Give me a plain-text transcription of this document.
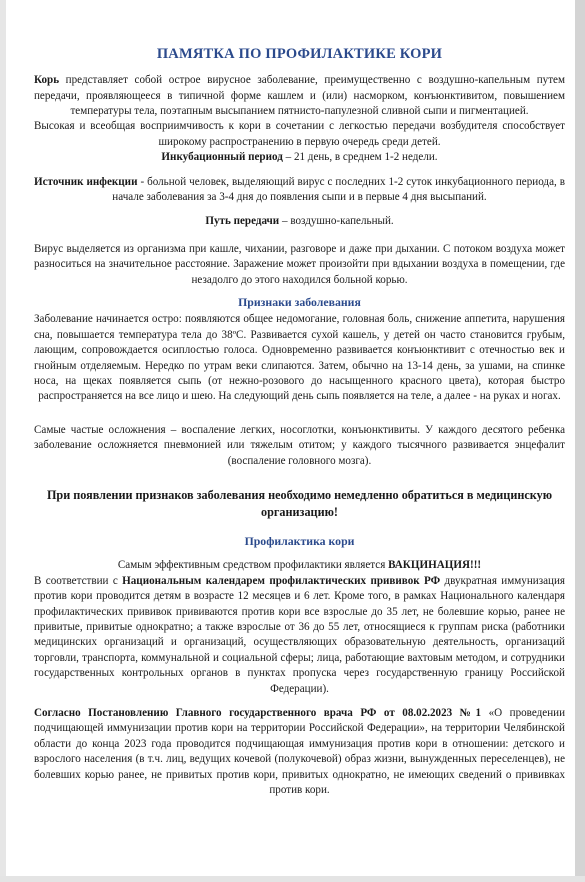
ПАМЯТКА ПО ПРОФИЛАКТИКЕ КОРИ

Корь представляет собой острое вирусное заболевание, преимущественно с воздушно-капельным путем передачи, проявляющееся в типичной форме кашлем и (или) насморком, конъюнктивитом, повышением температуры тела, поэтапным высыпанием пятнисто-папулезной сливной сыпи и пигментацией.

Высокая и всеобщая восприимчивость к кори в сочетании с легкостью передачи возбудителя способствует широкому распространению в первую очередь среди детей.

Инкубационный период – 21 день, в среднем 1-2 недели.

Источник инфекции - больной человек, выделяющий вирус с последних 1-2 суток инкубационного периода, в начале заболевания за 3-4 дня до появления сыпи и в первые 4 дня высыпаний.

Путь передачи – воздушно-капельный.

Вирус выделяется из организма при кашле, чихании, разговоре и даже при дыхании. С потоком воздуха может разноситься на значительное расстояние. Заражение может произойти при вдыхании воздуха в помещении, где незадолго до этого находился больной корью.

Признаки заболевания

Заболевание начинается остро: появляются общее недомогание, головная боль, снижение аппетита, нарушения сна, повышается температура тела до 38ºС. Развивается сухой кашель, у детей он часто становится грубым, лающим, сопровождается осиплостью голоса. Одновременно развивается конъюнктивит с отечностью век и гнойным отделяемым. Нередко по утрам веки слипаются. Затем, обычно на 13-14 день, за ушами, на спинке носа, на щеках появляется сыпь (от нежно-розового до насыщенного красного цвета), которая быстро распространяется на все лицо и шею. На следующий день сыпь появляется на теле, а далее - на руках и ногах.

Самые частые осложнения – воспаление легких, носоглотки, конъюнктивиты. У каждого десятого ребенка заболевание осложняется пневмонией или тяжелым отитом; у каждого тысячного развивается энцефалит (воспаление головного мозга).

При появлении признаков заболевания необходимо немедленно обратиться в медицинскую организацию!

Профилактика кори

Самым эффективным средством профилактики является ВАКЦИНАЦИЯ!!!

В соответствии с Национальным календарем профилактических прививок РФ двукратная иммунизация против кори проводится детям в возрасте 12 месяцев и 6 лет. Кроме того, в рамках Национального календаря профилактических прививок прививаются против кори все взрослые до 35 лет, не болевшие корью, ранее не привитые, привитые однократно; а также взрослые от 36 до 55 лет, относящиеся к группам риска (работники медицинских организаций и организаций, осуществляющих образовательную деятельность, организаций торговли, транспорта, коммунальной и социальной сферы; лица, работающие вахтовым методом, и сотрудники государственных контрольных органов в пунктах пропуска через государственную границу Российской Федерации).

Согласно Постановлению Главного государственного врача РФ от 08.02.2023 №1 «О проведении подчищающей иммунизации против кори на территории Российской Федерации», на территории Челябинской области до конца 2023 года проводится подчищающая иммунизация против кори в отношении: детского и взрослого населения (в т.ч. лиц, ведущих кочевой (полукочевой) образ жизни, вынужденных переселенцев), не болевших корью ранее, не привитых против кори, привитых однократно, не имеющих сведений о прививках против кори.
